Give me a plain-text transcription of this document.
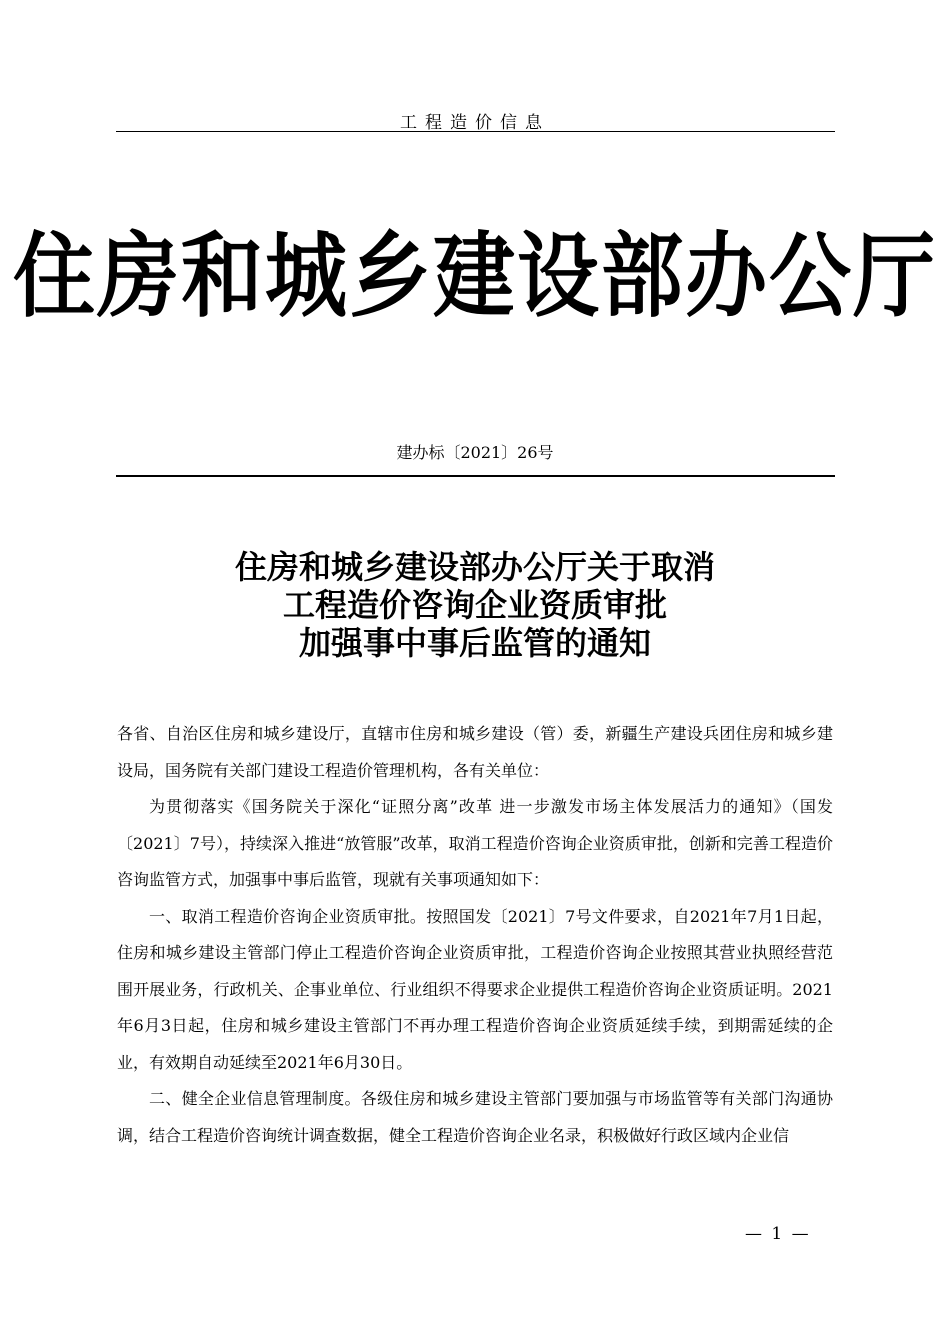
工程造价信息
住房和城乡建设部办公厅
建办标〔2021〕26号
住房和城乡建设部办公厅关于取消
工程造价咨询企业资质审批
加强事中事后监管的通知

各省、自治区住房和城乡建设厅，直辖市住房和城乡建设（管）委，新疆生产建设兵团住房和城乡建设局，国务院有关部门建设工程造价管理机构，各有关单位：

为贯彻落实《国务院关于深化“证照分离”改革 进一步激发市场主体发展活力的通知》（国发〔2021〕7号），持续深入推进“放管服”改革，取消工程造价咨询企业资质审批，创新和完善工程造价咨询监管方式，加强事中事后监管，现就有关事项通知如下：

一、取消工程造价咨询企业资质审批。按照国发〔2021〕7号文件要求，自2021年7月1日起，住房和城乡建设主管部门停止工程造价咨询企业资质审批，工程造价咨询企业按照其营业执照经营范围开展业务，行政机关、企事业单位、行业组织不得要求企业提供工程造价咨询企业资质证明。2021年6月3日起，住房和城乡建设主管部门不再办理工程造价咨询企业资质延续手续，到期需延续的企业，有效期自动延续至2021年6月30日。

二、健全企业信息管理制度。各级住房和城乡建设主管部门要加强与市场监管等有关部门沟通协调，结合工程造价咨询统计调查数据，健全工程造价咨询企业名录，积极做好行政区域内企业信

— 1 —
